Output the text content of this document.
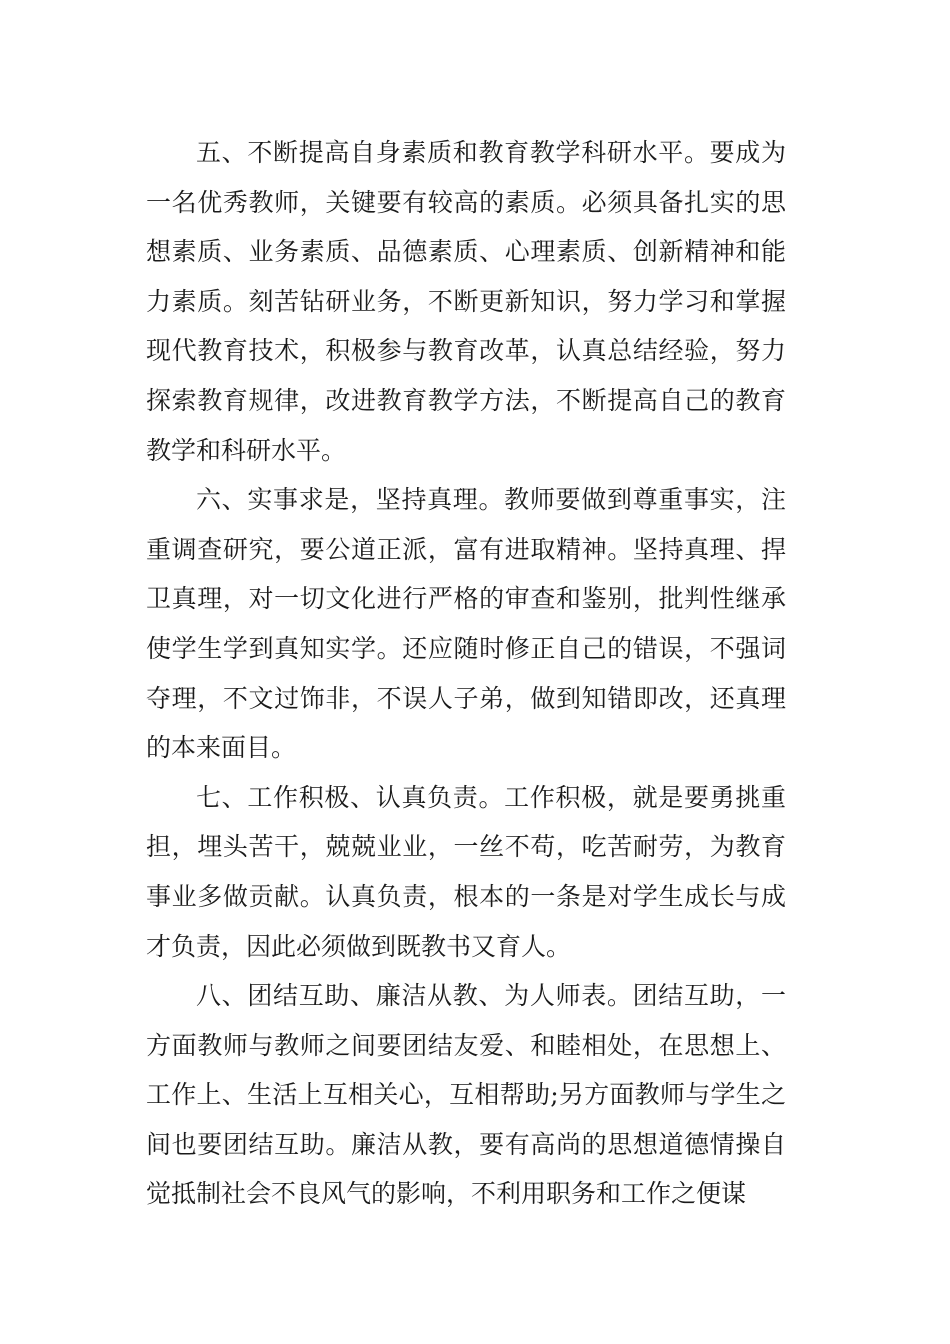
五、不断提高自身素质和教育教学科研水平。要成为一名优秀教师，关键要有较高的素质。必须具备扎实的思想素质、业务素质、品德素质、心理素质、创新精神和能力素质。刻苦钻研业务，不断更新知识，努力学习和掌握现代教育技术，积极参与教育改革，认真总结经验，努力探索教育规律，改进教育教学方法，不断提高自己的教育教学和科研水平。

六、实事求是，坚持真理。教师要做到尊重事实，注重调查研究，要公道正派，富有进取精神。坚持真理、捍卫真理，对一切文化进行严格的审查和鉴别，批判性继承使学生学到真知实学。还应随时修正自己的错误，不强词夺理，不文过饰非，不误人子弟，做到知错即改，还真理的本来面目。

七、工作积极、认真负责。工作积极，就是要勇挑重担，埋头苦干，兢兢业业，一丝不苟，吃苦耐劳，为教育事业多做贡献。认真负责，根本的一条是对学生成长与成才负责，因此必须做到既教书又育人。

八、团结互助、廉洁从教、为人师表。团结互助，一方面教师与教师之间要团结友爱、和睦相处，在思想上、工作上、生活上互相关心，互相帮助;另方面教师与学生之间也要团结互助。廉洁从教，要有高尚的思想道德情操自觉抵制社会不良风气的影响，不利用职务和工作之便谋
